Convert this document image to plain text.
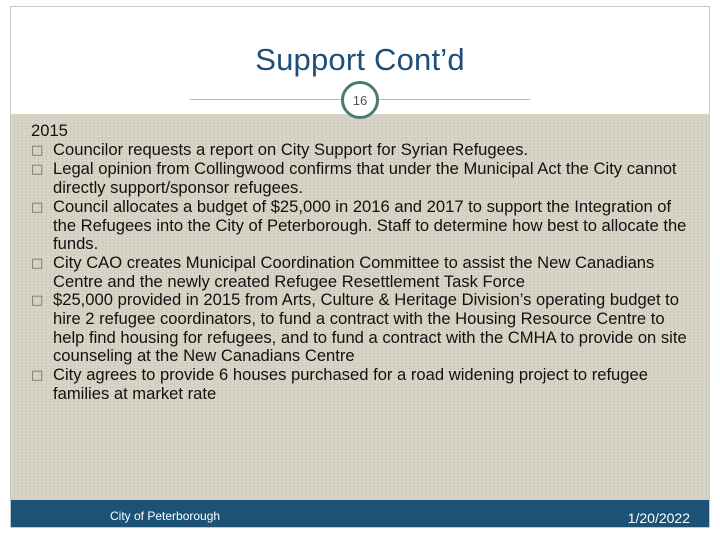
Support Cont’d
16
2015
□ Councilor requests a report on City Support for Syrian Refugees.
□ Legal opinion from Collingwood confirms that under the Municipal Act the City cannot directly support/sponsor refugees.
□ Council allocates a budget of $25,000 in 2016 and 2017 to support the Integration of the Refugees into the City of Peterborough. Staff to determine how best to allocate the funds.
□ City CAO creates Municipal Coordination Committee to assist the New Canadians Centre and the newly created Refugee Resettlement Task Force
□ $25,000 provided in 2015 from Arts, Culture & Heritage Division’s operating budget to hire 2 refugee coordinators, to fund a contract with the Housing Resource Centre to help find housing for refugees, and to fund a contract with the CMHA to provide on site counseling at the New Canadians Centre
□ City agrees to provide 6 houses purchased for a road widening project to refugee families at market rate
City of Peterborough	1/20/2022
